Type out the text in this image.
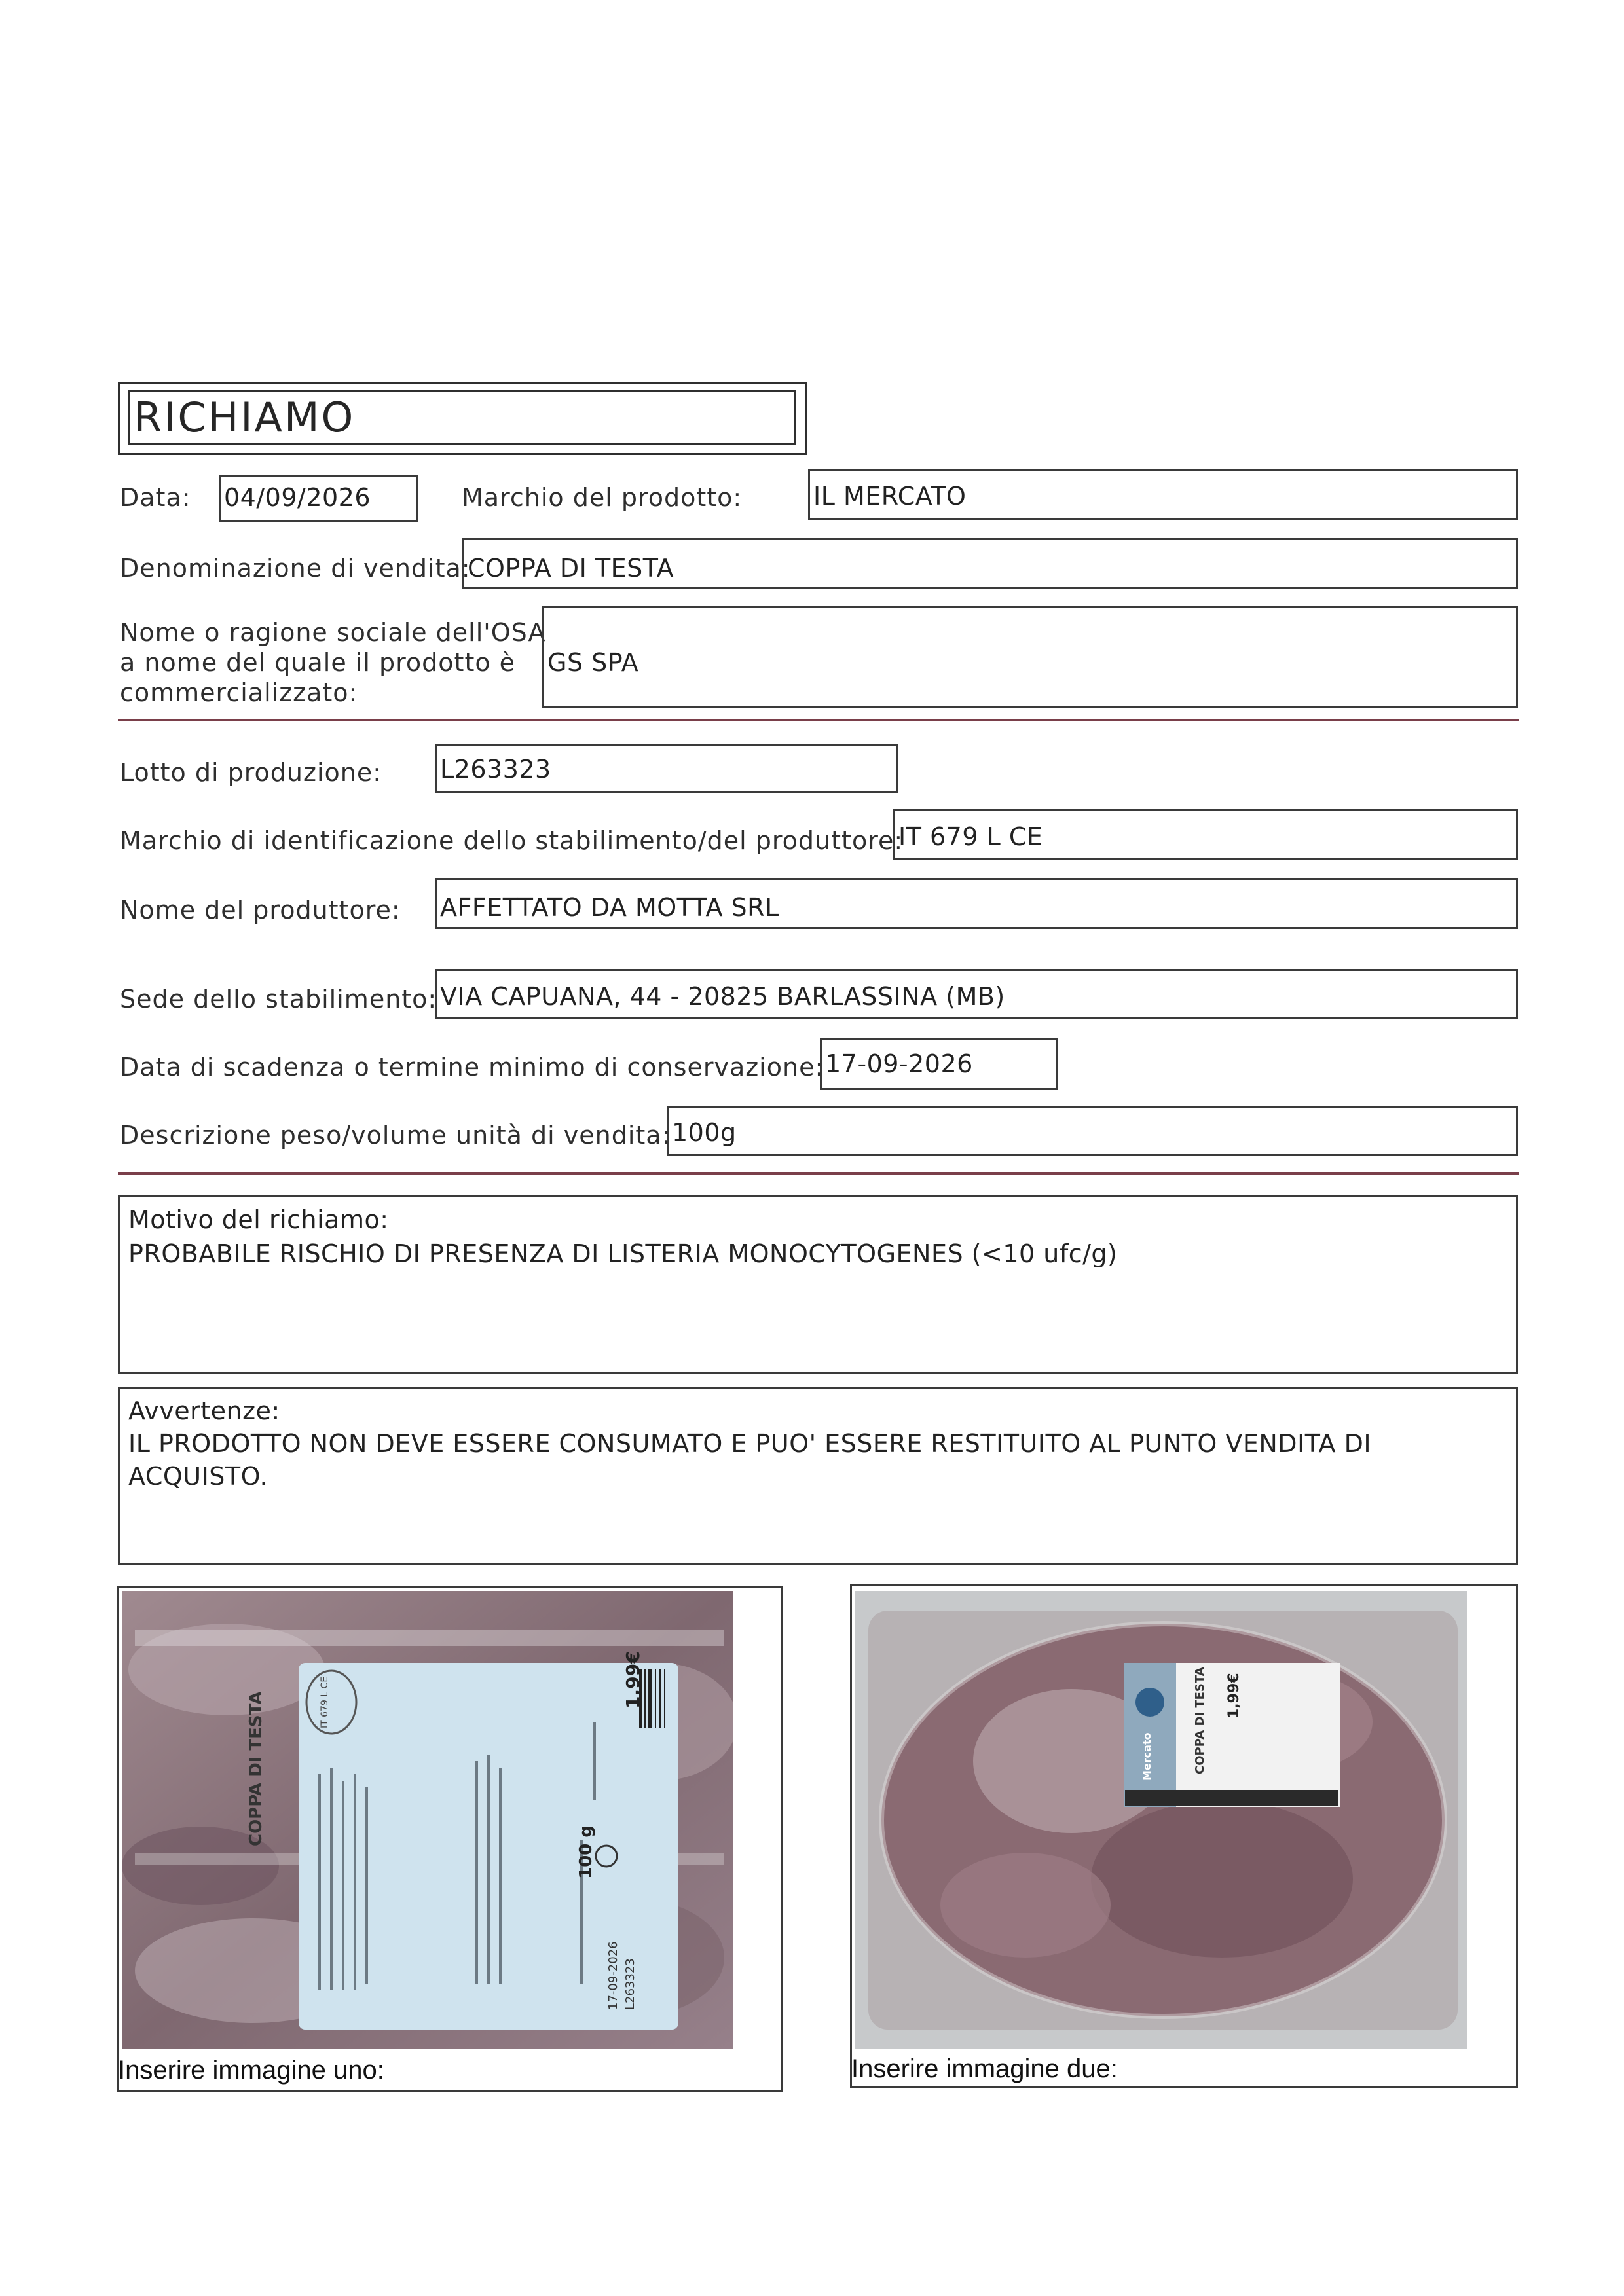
RICHIAMO
Data: 04/09/2026	Marchio del prodotto:	IL MERCATO
Denominazione di vendita:
COPPA DI TESTA
Nome o ragione sociale dell'OSA
a nome del quale il prodotto è
commercializzato:
GS SPA
Lotto di produzione: L263323
Marchio di identificazione dello stabilimento/del produttore:
IT 679 L CE
Nome del produttore: AFFETTATO DA MOTTA SRL
Sede dello stabilimento: VIA CAPUANA, 44 - 20825 BARLASSINA (MB)
Data di scadenza o termine minimo di conservazione: 17-09-2026
Descrizione peso/volume unità di vendita: 100g
Motivo del richiamo:
PROBABILE RISCHIO DI PRESENZA DI LISTERIA MONOCYTOGENES (<10 ufc/g)
Avvertenze:
IL PRODOTTO NON DEVE ESSERE CONSUMATO E PUO' ESSERE RESTITUITO AL PUNTO VENDITA DI
ACQUISTO.
COPPA DI TESTA	IT 679 L CE	1,99€
100 g
17-09-2026 L263323
Inserire immagine uno:
Mercato	COPPA DI TESTA 1,99€
Inserire immagine due:
